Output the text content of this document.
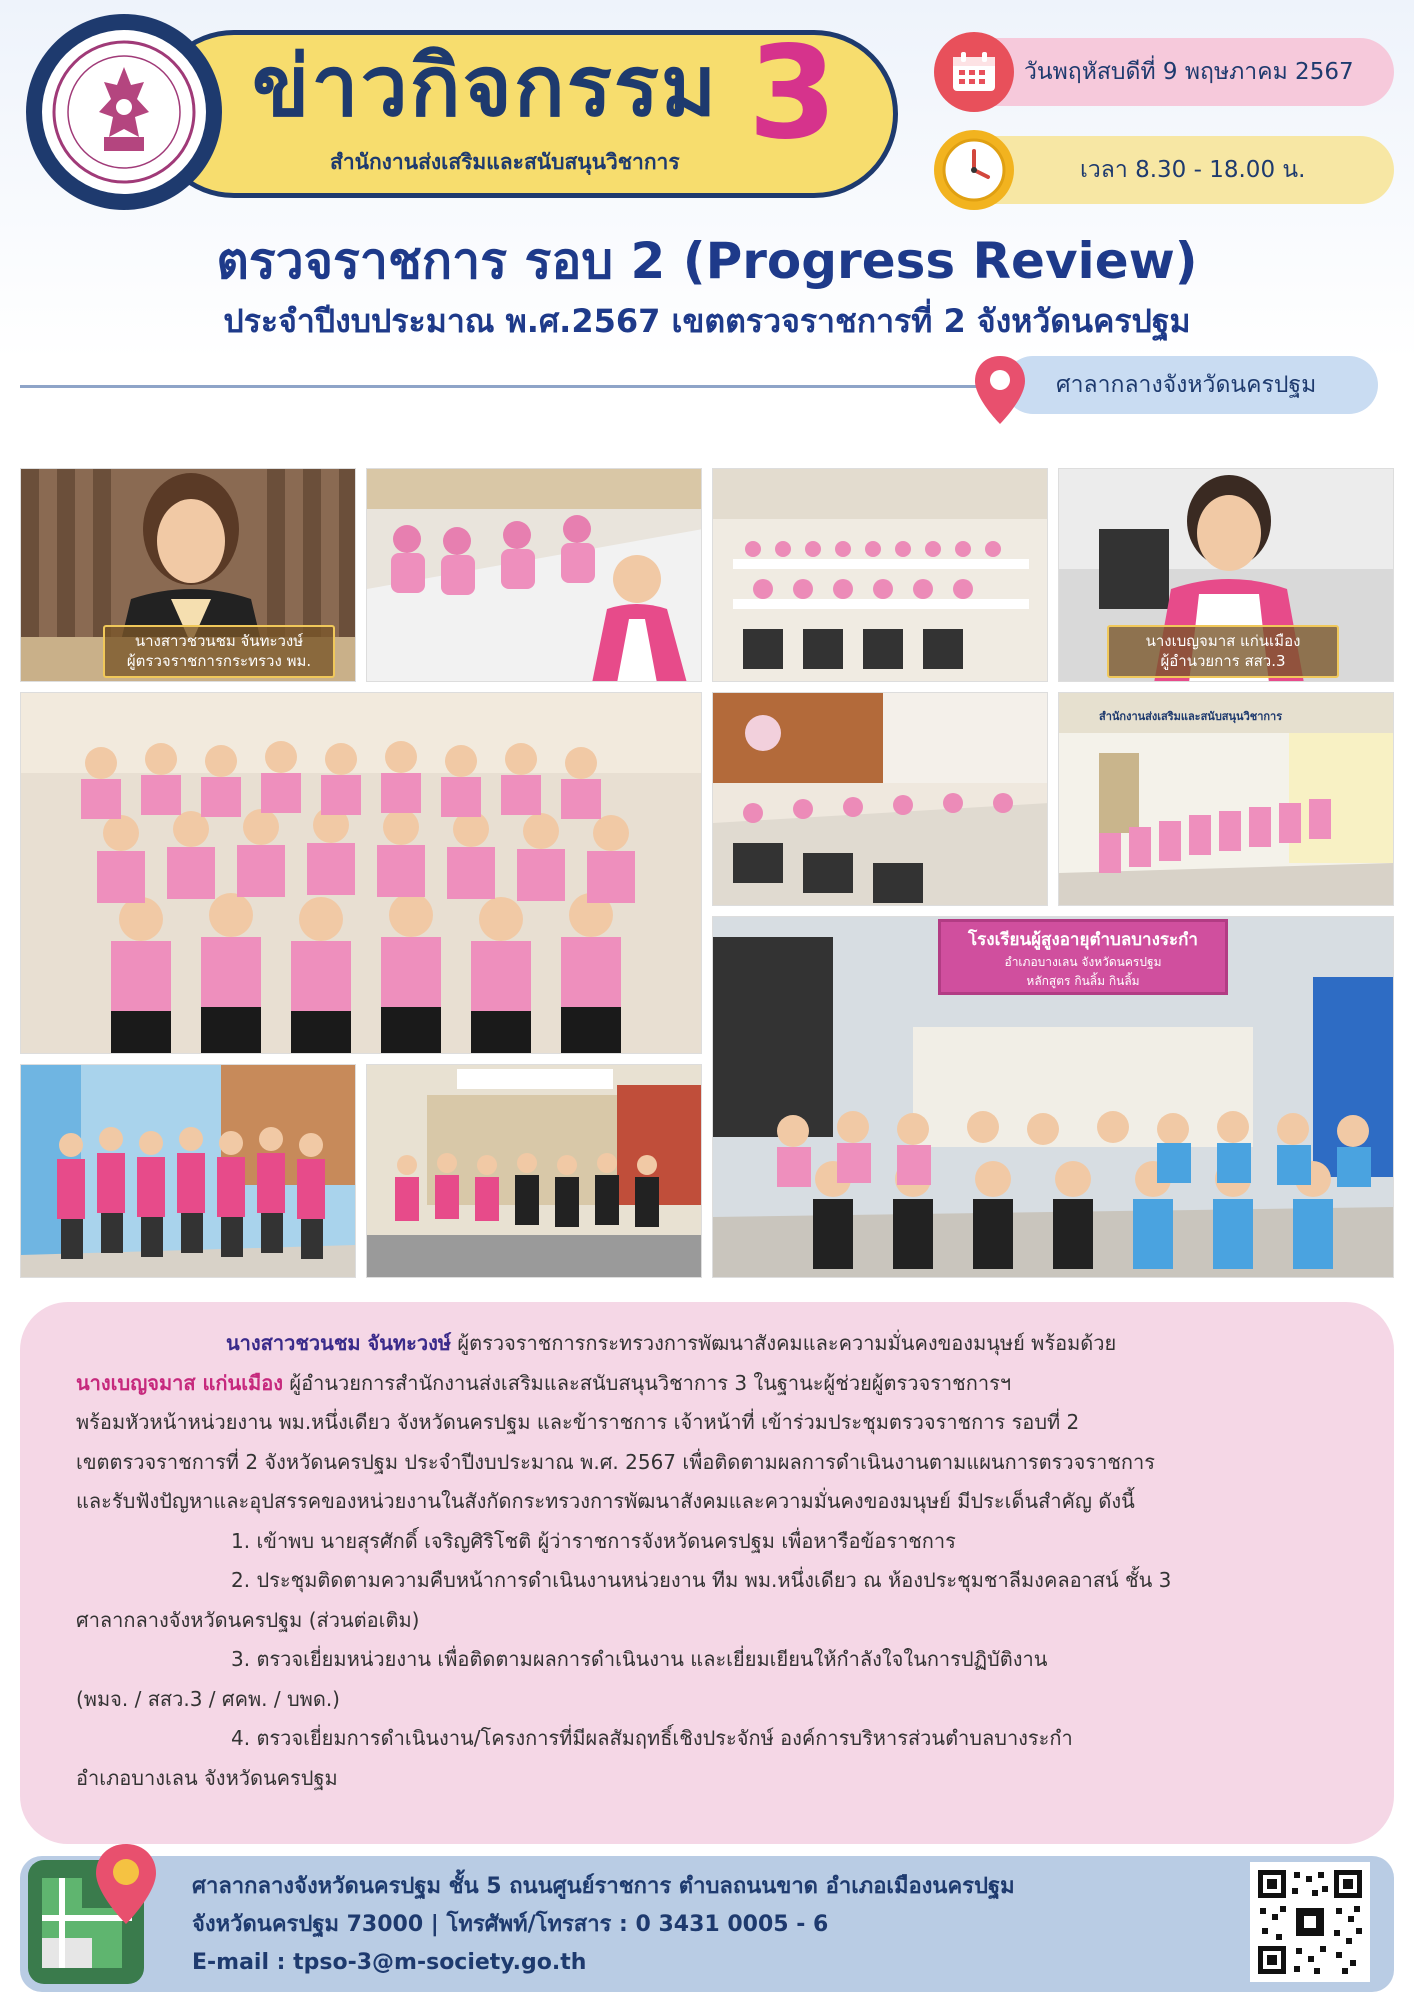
ข่าวกิจกรรม 3
สำนักงานส่งเสริมและสนับสนุนวิชาการ
วันพฤหัสบดีที่ 9 พฤษภาคม 2567
เวลา 8.30 - 18.00 น.
ตรวจราชการ รอบ 2 (Progress Review)
ประจำปีงบประมาณ พ.ศ.2567 เขตตรวจราชการที่ 2 จังหวัดนครปฐม
ศาลากลางจังหวัดนครปฐม
นางสาวชวนชม จันทะวงษ์
ผู้ตรวจราชการกระทรวง พม.
นางเบญจมาส แก่นเมือง
ผู้อำนวยการ สสว.3
สำนักงานส่งเสริมและสนับสนุนวิชาการ
โรงเรียนผู้สูงอายุตำบลบางระกำ
อำเภอบางเลน จังหวัดนครปฐม
หลักสูตร กินลิ้ม กินลิ้ม

นางสาวชวนชม จันทะวงษ์ ผู้ตรวจราชการกระทรวงการพัฒนาสังคมและความมั่นคงของมนุษย์ พร้อมด้วย

นางเบญจมาส แก่นเมือง ผู้อำนวยการสำนักงานส่งเสริมและสนับสนุนวิชาการ 3 ในฐานะผู้ช่วยผู้ตรวจราชการฯ

พร้อมหัวหน้าหน่วยงาน พม.หนึ่งเดียว จังหวัดนครปฐม และข้าราชการ เจ้าหน้าที่ เข้าร่วมประชุมตรวจราชการ รอบที่ 2

เขตตรวจราชการที่ 2 จังหวัดนครปฐม ประจำปีงบประมาณ พ.ศ. 2567 เพื่อติดตามผลการดำเนินงานตามแผนการตรวจราชการ

และรับฟังปัญหาและอุปสรรคของหน่วยงานในสังกัดกระทรวงการพัฒนาสังคมและความมั่นคงของมนุษย์ มีประเด็นสำคัญ ดังนี้

1. เข้าพบ นายสุรศักดิ์ เจริญศิริโชติ ผู้ว่าราชการจังหวัดนครปฐม เพื่อหารือข้อราชการ

2. ประชุมติดตามความคืบหน้าการดำเนินงานหน่วยงาน ทีม พม.หนึ่งเดียว ณ ห้องประชุมชาลีมงคลอาสน์ ชั้น 3

ศาลากลางจังหวัดนครปฐม (ส่วนต่อเติม)

3. ตรวจเยี่ยมหน่วยงาน เพื่อติดตามผลการดำเนินงาน และเยี่ยมเยียนให้กำลังใจในการปฏิบัติงาน

(พมจ. / สสว.3 / ศคพ. / บพด.)

4. ตรวจเยี่ยมการดำเนินงาน/โครงการที่มีผลสัมฤทธิ์เชิงประจักษ์ องค์การบริหารส่วนตำบลบางระกำ

อำเภอบางเลน จังหวัดนครปฐม

ศาลากลางจังหวัดนครปฐม ชั้น 5 ถนนศูนย์ราชการ ตำบลถนนขาด อำเภอเมืองนครปฐม
จังหวัดนครปฐม 73000 | โทรศัพท์/โทรสาร : 0 3431 0005 - 6
E-mail : tpso-3@m-society.go.th
